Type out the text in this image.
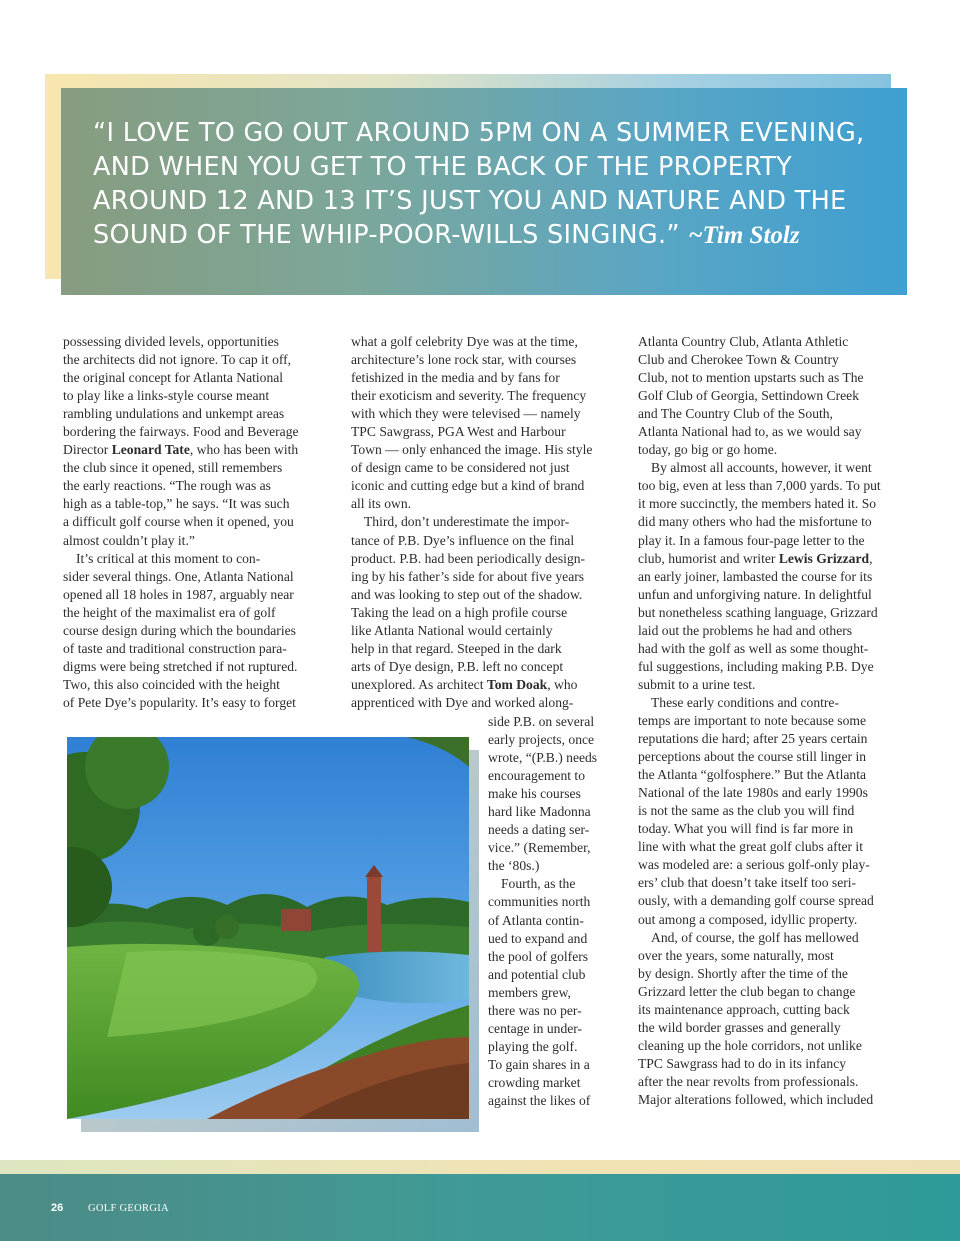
“I LOVE TO GO OUT AROUND 5PM ON A SUMMER EVENING,
AND WHEN YOU GET TO THE BACK OF THE PROPERTY
AROUND 12 AND 13 IT’S JUST YOU AND NATURE AND THE
SOUND OF THE WHIP-POOR-WILLS SINGING.” ~Tim Stolz

possessing divided levels, opportunities
the architects did not ignore. To cap it off,
the original concept for Atlanta National
to play like a links-style course meant
rambling undulations and unkempt areas
bordering the fairways. Food and Beverage
Director Leonard Tate, who has been with
the club since it opened, still remembers
the early reactions. “The rough was as
high as a table-top,” he says. “It was such
a difficult golf course when it opened, you
almost couldn’t play it.”

It’s critical at this moment to con-
sider several things. One, Atlanta National
opened all 18 holes in 1987, arguably near
the height of the maximalist era of golf
course design during which the boundaries
of taste and traditional construction para-
digms were being stretched if not ruptured.
Two, this also coincided with the height
of Pete Dye’s popularity. It’s easy to forget

what a golf celebrity Dye was at the time,
architecture’s lone rock star, with courses
fetishized in the media and by fans for
their exoticism and severity. The frequency
with which they were televised — namely
TPC Sawgrass, PGA West and Harbour
Town — only enhanced the image. His style
of design came to be considered not just
iconic and cutting edge but a kind of brand
all its own.

Third, don’t underestimate the impor-
tance of P.B. Dye’s influence on the final
product. P.B. had been periodically design-
ing by his father’s side for about five years
and was looking to step out of the shadow.
Taking the lead on a high profile course
like Atlanta National would certainly
help in that regard. Steeped in the dark
arts of Dye design, P.B. left no concept
unexplored. As architect Tom Doak, who
apprenticed with Dye and worked along-

side P.B. on several
early projects, once
wrote, “(P.B.) needs
encouragement to
make his courses
hard like Madonna
needs a dating ser-
vice.” (Remember,
the ‘80s.)

Fourth, as the
communities north
of Atlanta contin-
ued to expand and
the pool of golfers
and potential club
members grew,
there was no per-
centage in under-
playing the golf.
To gain shares in a
crowding market
against the likes of

Atlanta Country Club, Atlanta Athletic
Club and Cherokee Town & Country
Club, not to mention upstarts such as The
Golf Club of Georgia, Settindown Creek
and The Country Club of the South,
Atlanta National had to, as we would say
today, go big or go home.

By almost all accounts, however, it went
too big, even at less than 7,000 yards. To put
it more succinctly, the members hated it. So
did many others who had the misfortune to
play it. In a famous four-page letter to the
club, humorist and writer Lewis Grizzard,
an early joiner, lambasted the course for its
unfun and unforgiving nature. In delightful
but nonetheless scathing language, Grizzard
laid out the problems he had and others
had with the golf as well as some thought-
ful suggestions, including making P.B. Dye
submit to a urine test.

These early conditions and contre-
temps are important to note because some
reputations die hard; after 25 years certain
perceptions about the course still linger in
the Atlanta “golfosphere.” But the Atlanta
National of the late 1980s and early 1990s
is not the same as the club you will find
today. What you will find is far more in
line with what the great golf clubs after it
was modeled are: a serious golf-only play-
ers’ club that doesn’t take itself too seri-
ously, with a demanding golf course spread
out among a composed, idyllic property.

And, of course, the golf has mellowed
over the years, some naturally, most
by design. Shortly after the time of the
Grizzard letter the club began to change
its maintenance approach, cutting back
the wild border grasses and generally
cleaning up the hole corridors, not unlike
TPC Sawgrass had to do in its infancy
after the near revolts from professionals.
Major alterations followed, which included

26 GOLF GEORGIA
